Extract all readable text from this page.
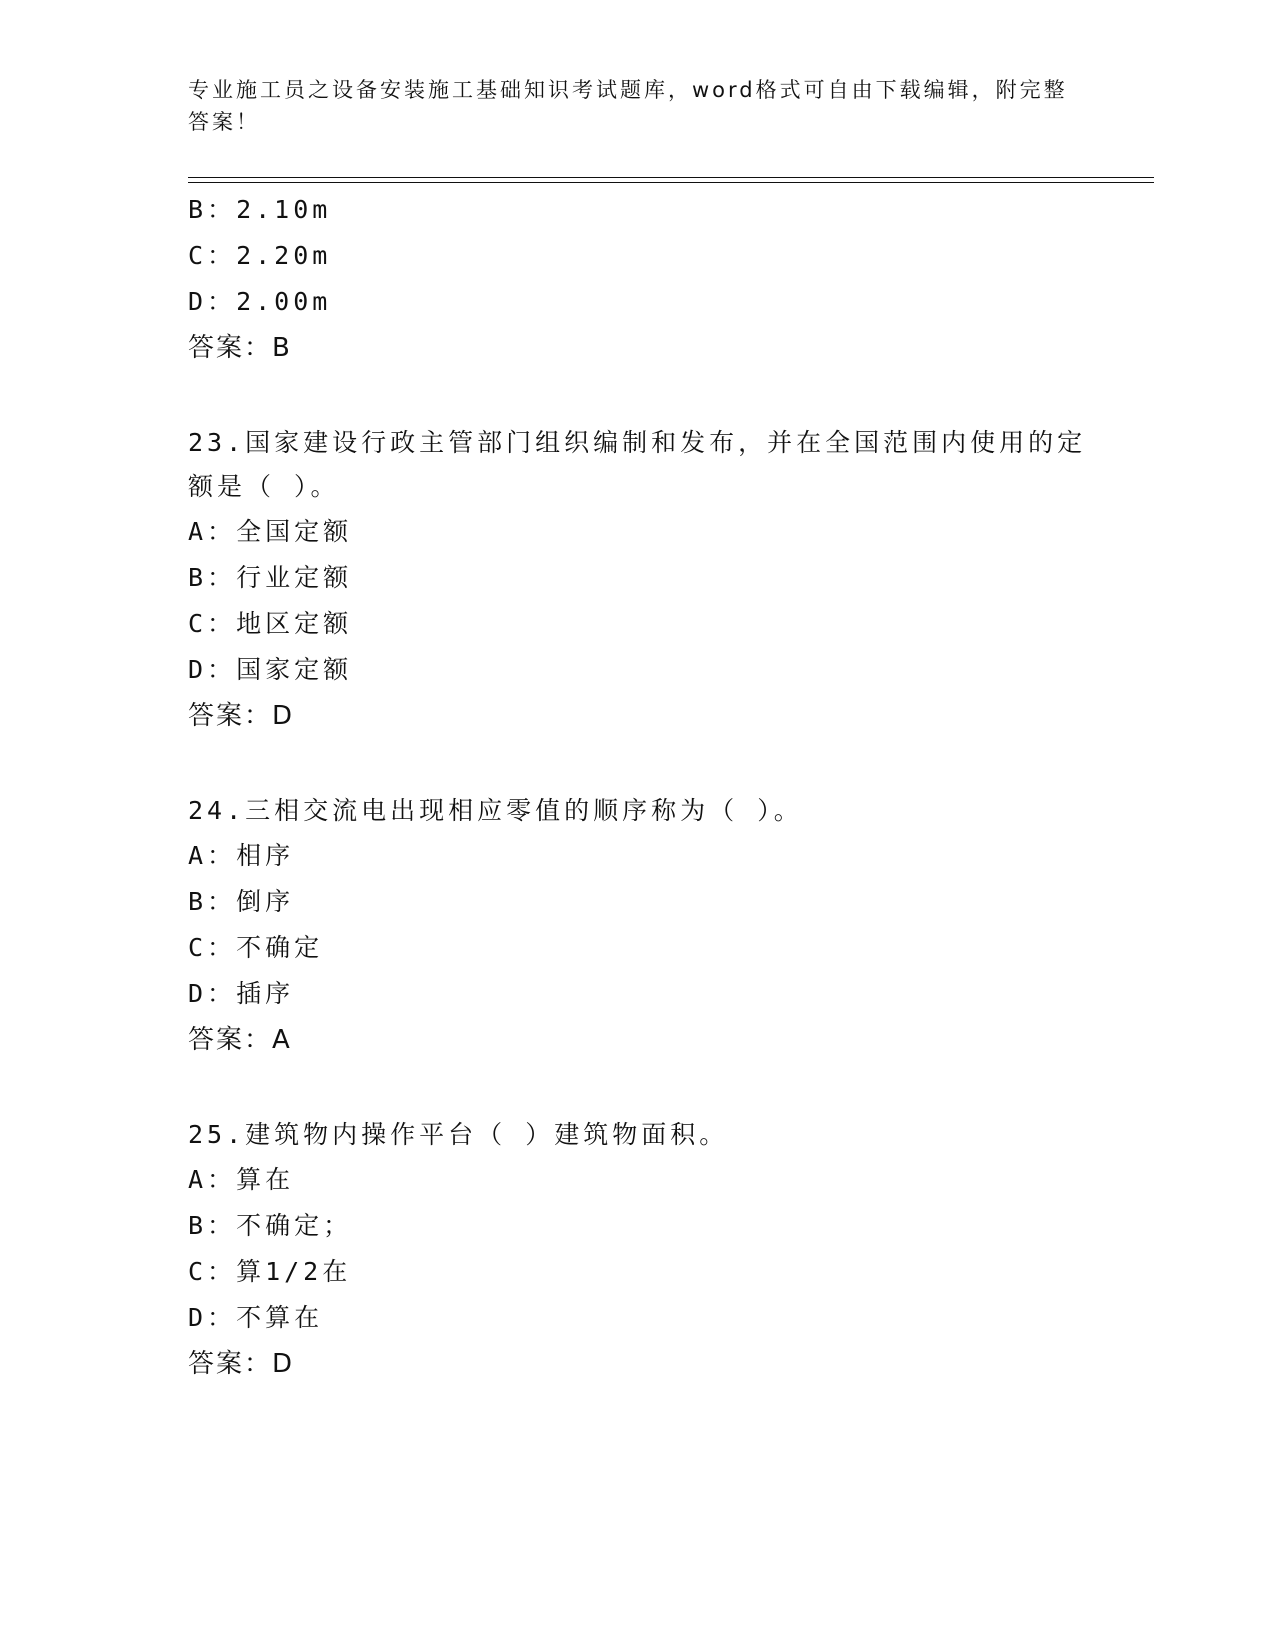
专业施工员之设备安装施工基础知识考试题库，word格式可自由下载编辑，附完整答案！
B：2.10m
C：2.20m
D：2.00m
答案：B
23.国家建设行政主管部门组织编制和发布，并在全国范围内使用的定额是（ ）。
A：全国定额
B：行业定额
C：地区定额
D：国家定额
答案：D
24.三相交流电出现相应零值的顺序称为（ ）。
A：相序
B：倒序
C：不确定
D：插序
答案：A
25.建筑物内操作平台（ ）建筑物面积。
A：算在
B：不确定；
C：算1/2在
D：不算在
答案：D
